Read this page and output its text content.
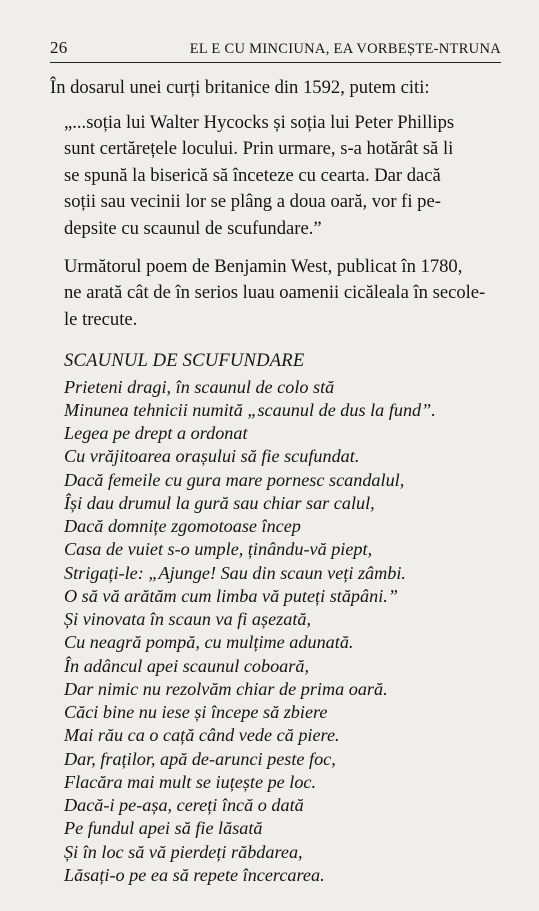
26	EL E CU MINCIUNA, EA VORBEȘTE-NTRUNA

În dosarul unei curți britanice din 1592, putem citi:

„...soția lui Walter Hycocks și soția lui Peter Phillips
sunt certărețele locului. Prin urmare, s-a hotărât să li
se spună la biserică să înceteze cu cearta. Dar dacă
soții sau vecinii lor se plâng a doua oară, vor fi pe-
depsite cu scaunul de scufundare.”

Următorul poem de Benjamin West, publicat în 1780,
ne arată cât de în serios luau oamenii cicăleala în secole-
le trecute.

SCAUNUL DE SCUFUNDARE
Prieteni dragi, în scaunul de colo stă
Minunea tehnicii numită „scaunul de dus la fund”.
Legea pe drept a ordonat
Cu vrăjitoarea orașului să fie scufundat.
Dacă femeile cu gura mare pornesc scandalul,
Își dau drumul la gură sau chiar sar calul,
Dacă domnițe zgomotoase încep
Casa de vuiet s-o umple, ținându-vă piept,
Strigați-le: „Ajunge! Sau din scaun veți zâmbi.
O să vă arătăm cum limba vă puteți stăpâni.”
Și vinovata în scaun va fi așezată,
Cu neagră pompă, cu mulțime adunată.
În adâncul apei scaunul coboară,
Dar nimic nu rezolvăm chiar de prima oară.
Căci bine nu iese și începe să zbiere
Mai rău ca o cață când vede că piere.
Dar, fraților, apă de-arunci peste foc,
Flacăra mai mult se iuțește pe loc.
Dacă-i pe-așa, cereți încă o dată
Pe fundul apei să fie lăsată
Și în loc să vă pierdeți răbdarea,
Lăsați-o pe ea să repete încercarea.
